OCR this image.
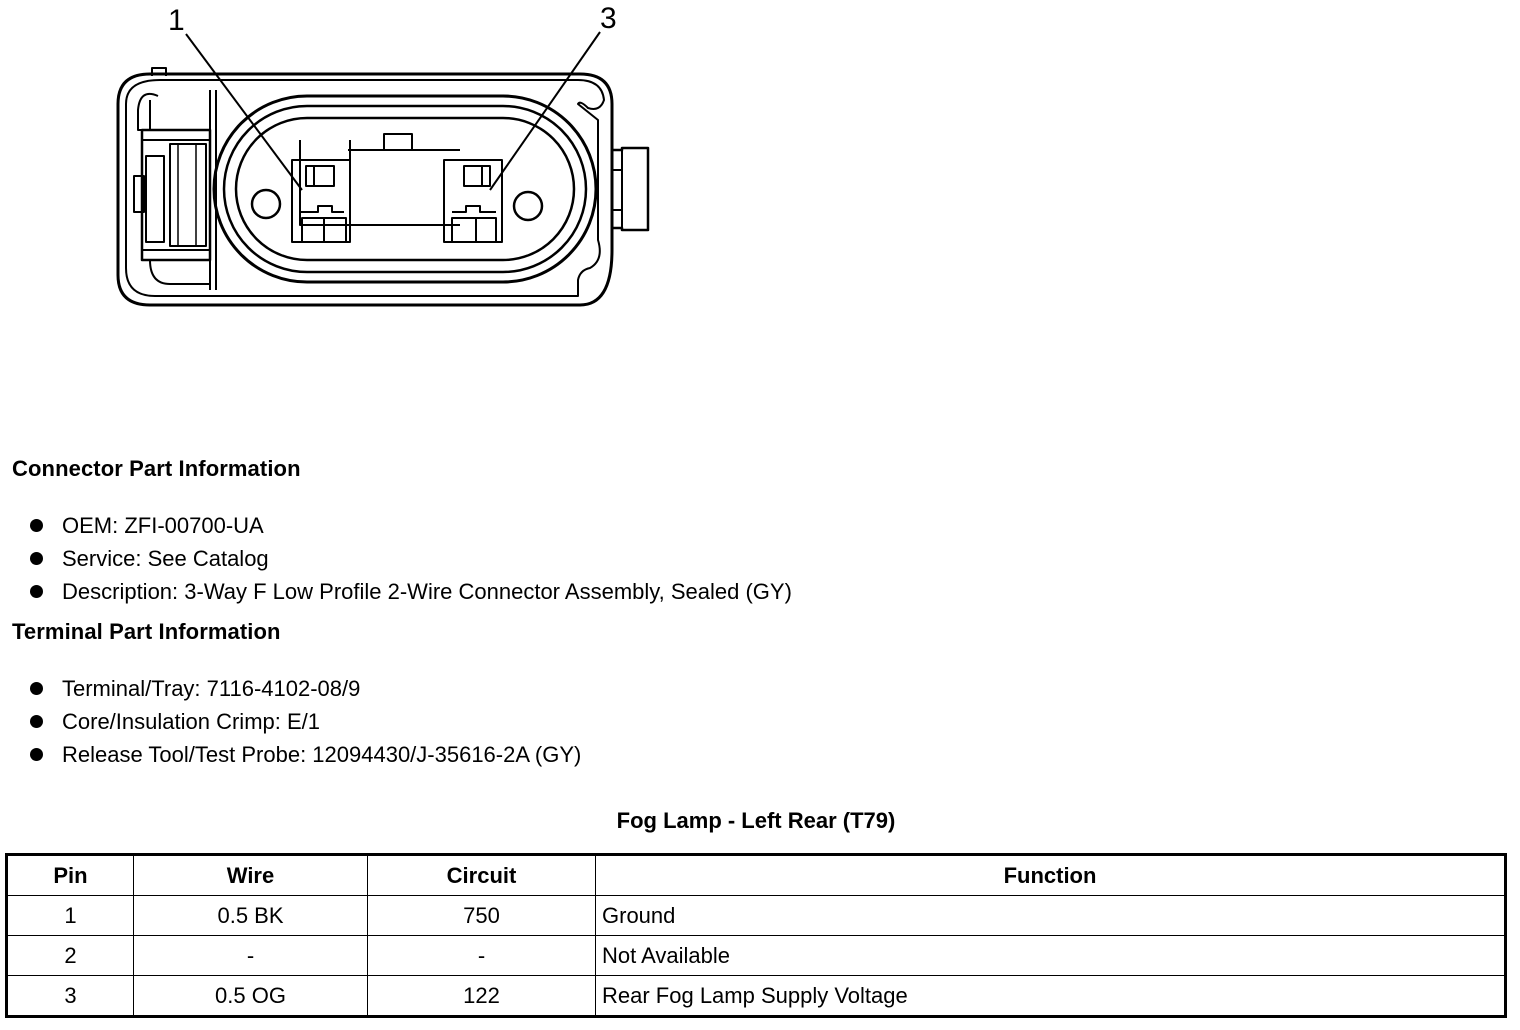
1	3
Connector Part Information
OEM: ZFI-00700-UA
Service: See Catalog
Description: 3-Way F Low Profile 2-Wire Connector Assembly, Sealed (GY)
Terminal Part Information
Terminal/Tray: 7116-4102-08/9
Core/Insulation Crimp: E/1
Release Tool/Test Probe: 12094430/J-35616-2A (GY)
Fog Lamp - Left Rear (T79)
Pin	Wire	Circuit	Function
1	0.5 BK	750	Ground
2	-	-	Not Available
3	0.5 OG	122	Rear Fog Lamp Supply Voltage
